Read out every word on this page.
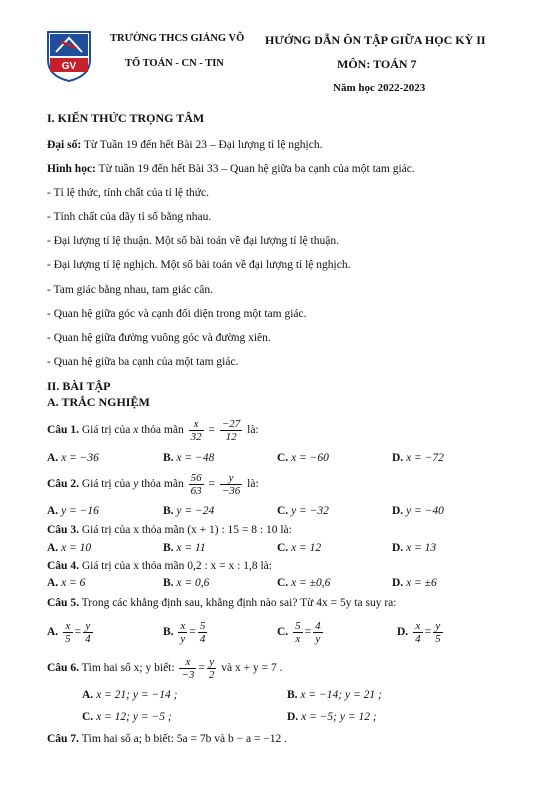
GV
TRƯỜNG THCS GIẢNG VÕ
TỔ TOÁN - CN - TIN
HƯỚNG DẪN ÔN TẬP GIỮA HỌC KỲ II
MÔN: TOÁN 7
Năm học 2022-2023
I. KIẾN THỨC TRỌNG TÂM
Đại số: Từ Tuần 19 đến hết Bài 23 – Đại lượng tỉ lệ nghịch.
Hình học: Từ tuần 19 đến hết Bài 33 – Quan hệ giữa ba cạnh của một tam giác.
- Tỉ lệ thức, tính chất của tỉ lệ thức.
- Tính chất của dãy tỉ số bằng nhau.
- Đại lượng tỉ lệ thuận. Một số bài toán về đại lượng tỉ lệ thuận.
- Đại lượng tỉ lệ nghịch. Một số bài toán về đại lượng tỉ lệ nghịch.
- Tam giác bằng nhau, tam giác cân.
- Quan hệ giữa góc và cạnh đối diện trong một tam giác.
- Quan hệ giữa đường vuông góc và đường xiên.
- Quan hệ giữa ba cạnh của một tam giác.
II. BÀI TẬP
A. TRẮC NGHIỆM
Câu 1. Giá trị của x thỏa mãn $\frac{x}{32} = \frac{-27}{12}$ là:
A. x = −36	B. x = −48	C. x = −60	D. x = −72
Câu 2. Giá trị của y thỏa mãn $\frac{56}{63} = \frac{y}{-36}$ là:
A. y = −16	B. y = −24	C. y = −32	D. y = −40
Câu 3. Giá trị của x thỏa mãn (x + 1) : 15 = 8 : 10 là:
A. x = 10	B. x = 11	C. x = 12	D. x = 13
Câu 4. Giá trị của x thỏa mãn 0,2 : x = x : 1,8 là:
A. x = 6	B. x = 0,6	C. x = ±0,6	D. x = ±6
Câu 5. Trong các khẳng định sau, khẳng định nào sai? Từ 4x = 5y ta suy ra:
A. $\frac{x}{5} = \frac{y}{4}$	B. $\frac{x}{y} = \frac{5}{4}$	C. $\frac{5}{x} = \frac{4}{y}$	D. $\frac{x}{4} = \frac{y}{5}$
Câu 6. Tìm hai số x; y biết: $\frac{x}{-3} = \frac{y}{2}$ và x + y = 7 .
A. x = 21; y = −14 ;	B. x = −14; y = 21 ;
C. x = 12; y = −5 ;	D. x = −5; y = 12 ;
Câu 7. Tìm hai số a; b biết: 5a = 7b và b − a = −12 .
